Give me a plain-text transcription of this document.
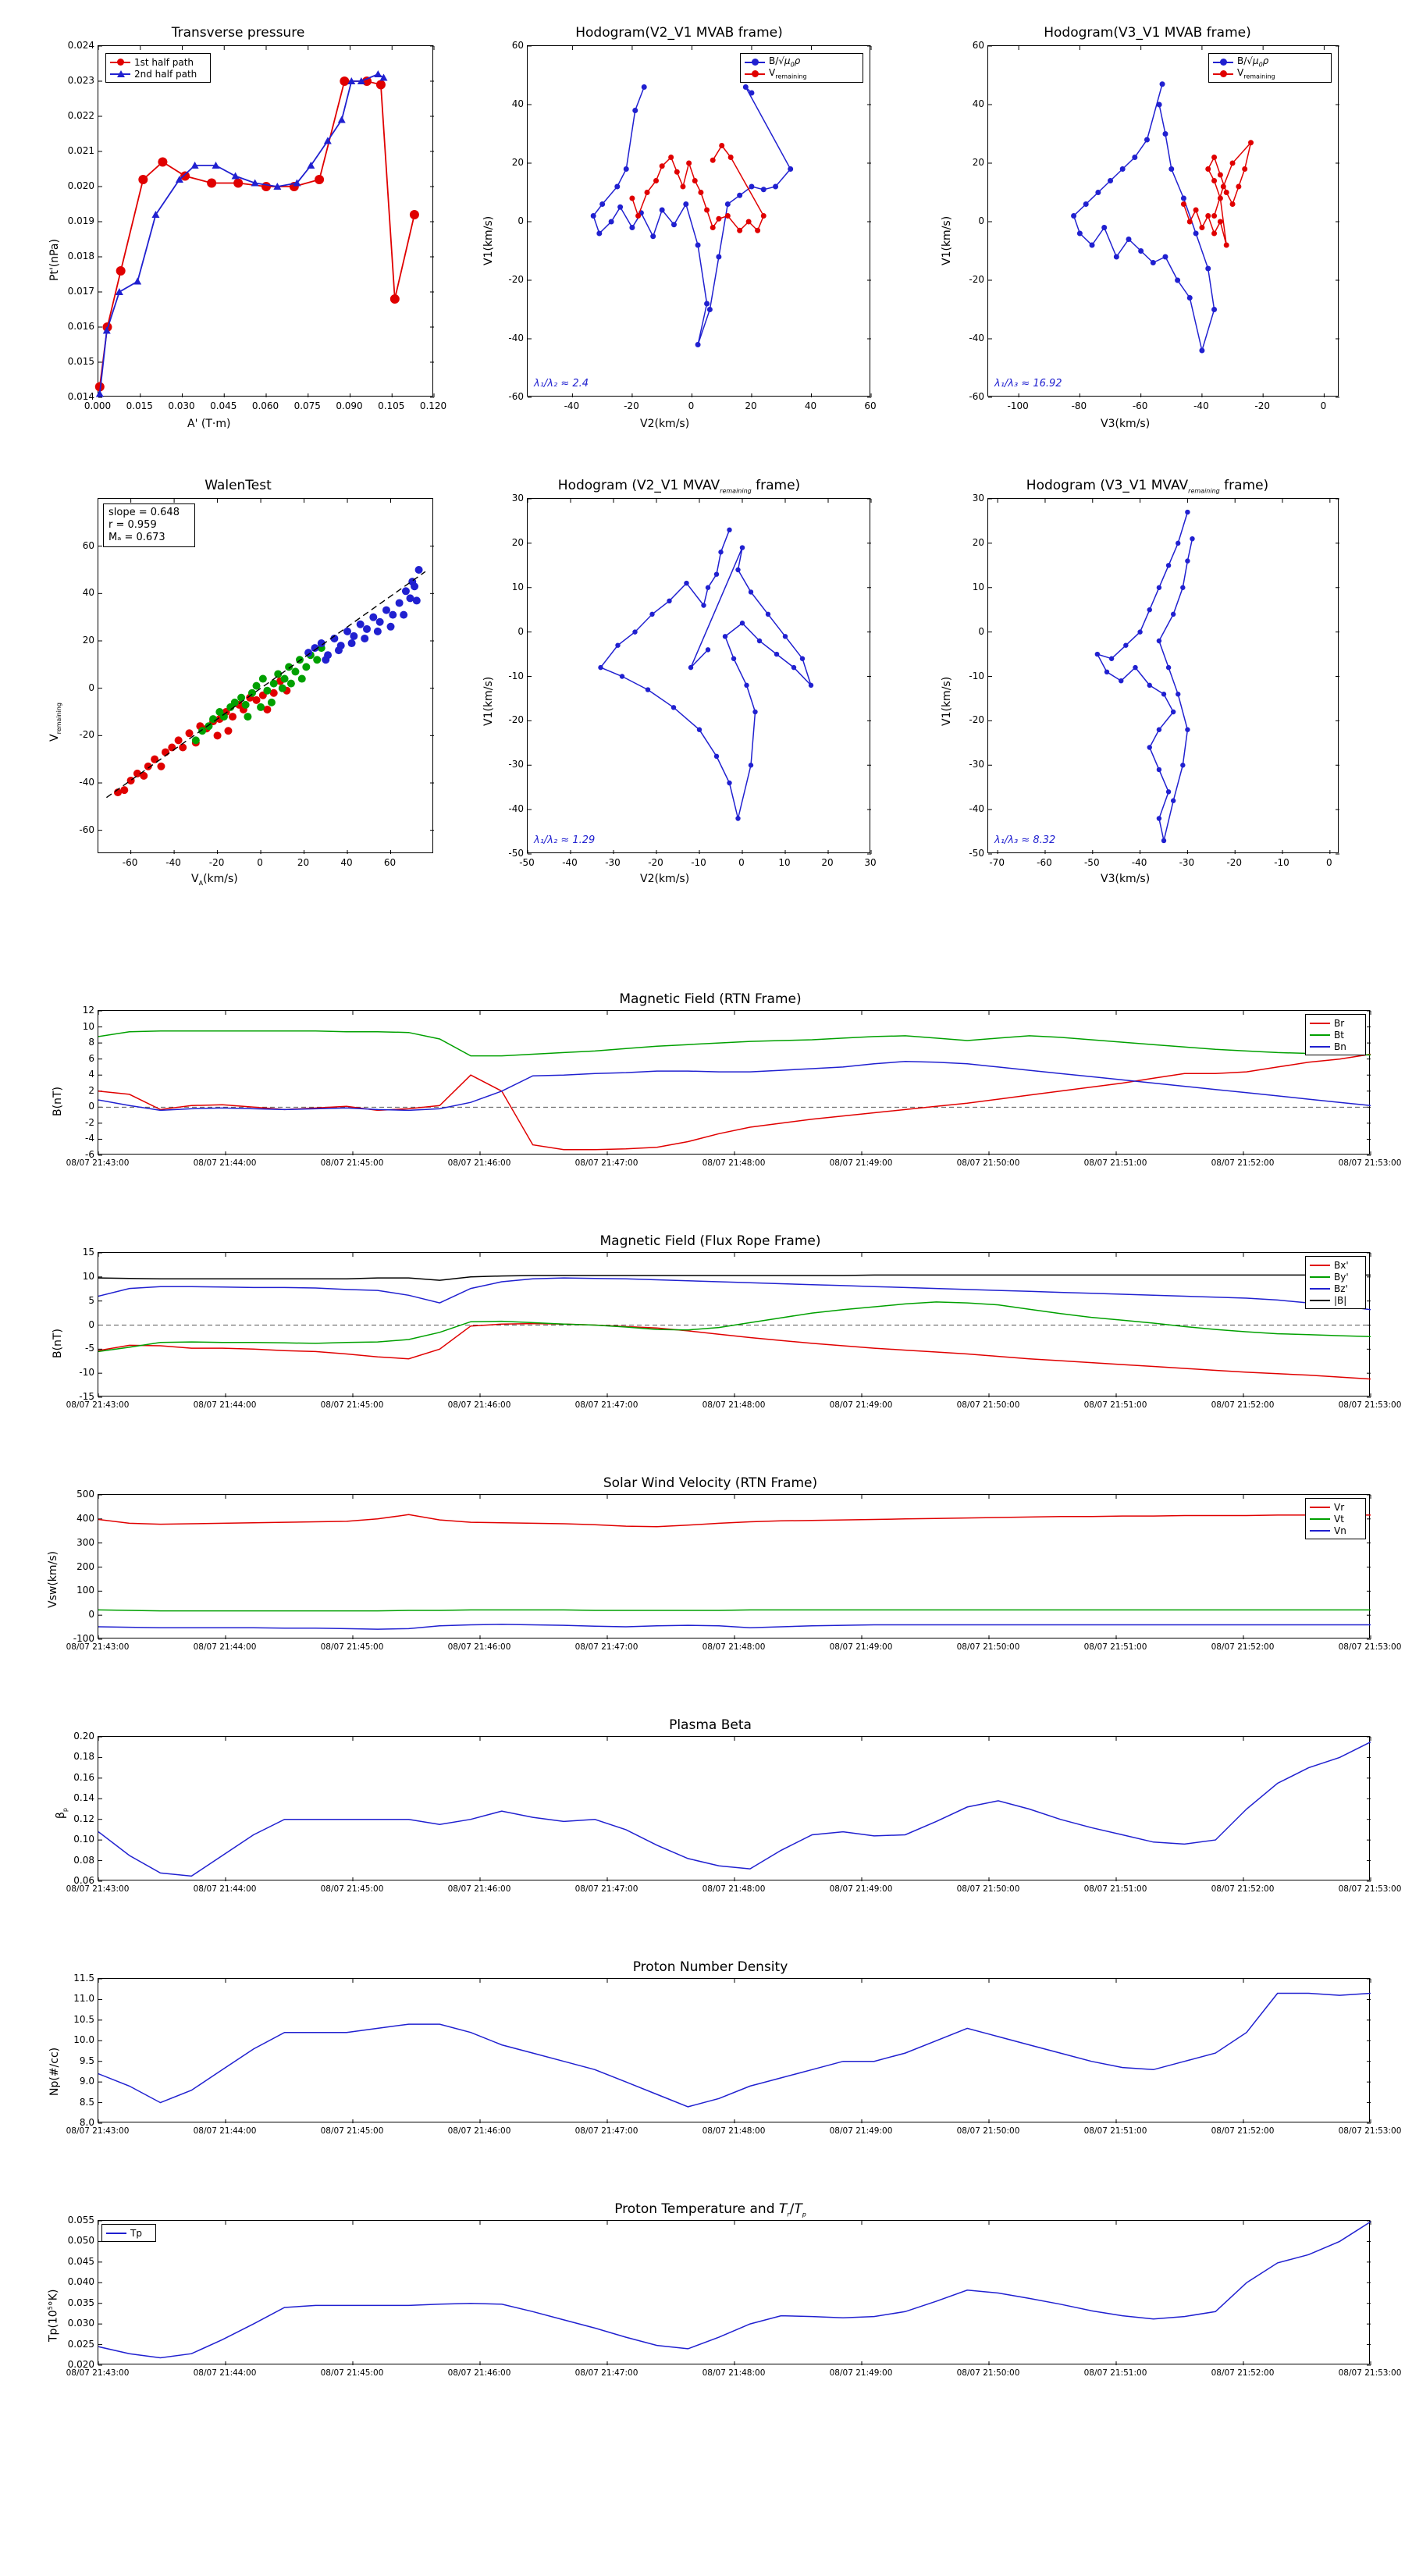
Transverse pressure
Pt'(nPa)
A' (T·m)
1st half path
2nd half path
0.000 0.015 0.030 0.045 0.060 0.075 0.090 0.105 0.120
0.014
0.015
0.016
0.017
0.018
0.019
0.020
0.021
0.022
0.023
0.024
Hodogram(V2_V1 MVAB frame)
λ₁/λ₂ ≈ 2.4
V1(km/s)
V2(km/s)
$B/√\mu_0\rho$
$V_{remaining}$
-40	-20	0	20	40	60
-60
-40
-20
0
20
40
60
Hodogram(V3_V1 MVAB frame)
λ₁/λ₃ ≈ 16.92
V1(km/s)
V3(km/s)
$B/√\mu_0\rho$
$V_{remaining}$
-100	-80	-60	-40	-20	0
-60
-40
-20
0
20
40
60
WalenTest
slope = 0.648
r = 0.959
Mₐ = 0.673
$V_{remaining}$
$V_A(km/s)$
-60	-40	-20	0	20	40	60
-60
-40
-20
0
20
40
60
Hodogram (V2_V1 $MVAV_{remaining}$ frame)
λ₁/λ₂ ≈ 1.29
V1(km/s)
V2(km/s)
-50	-40	-30	-20	-10	0	10	20	30
-50
-40
-30
-20
-10
0
10
20
30
Hodogram (V3_V1 $MVAV_{remaining}$ frame)
λ₁/λ₃ ≈ 8.32
V1(km/s)
V3(km/s)
-70	-60	-50	-40	-30	-20	-10	0
-50
-40
-30
-20
-10
0
10
20
30
Magnetic Field (RTN Frame)
Br
Bt
Bn
B(nT)
08/07 21:43:00	08/07 21:44:00	08/07 21:45:00	08/07 21:46:00	08/07 21:47:00	08/07 21:48:00	08/07 21:49:00	08/07 21:50:00	08/07 21:51:00	08/07 21:52:00	08/07 21:53:00
-6
-4
-2
0
2
4
6
8
10
12
Magnetic Field (Flux Rope Frame)
Bx'
By'
Bz'
|B|
B(nT)
08/07 21:43:00	08/07 21:44:00	08/07 21:45:00	08/07 21:46:00	08/07 21:47:00	08/07 21:48:00	08/07 21:49:00	08/07 21:50:00	08/07 21:51:00	08/07 21:52:00	08/07 21:53:00
-15
-10
-5
0
5
10
15
Solar Wind Velocity (RTN Frame)
Vr
Vt
Vn
Vsw(km/s)
08/07 21:43:00	08/07 21:44:00	08/07 21:45:00	08/07 21:46:00	08/07 21:47:00	08/07 21:48:00	08/07 21:49:00	08/07 21:50:00	08/07 21:51:00	08/07 21:52:00	08/07 21:53:00
-100
0
100
200
300
400
500
Plasma Beta
$\beta_p$
08/07 21:43:00	08/07 21:44:00	08/07 21:45:00	08/07 21:46:00	08/07 21:47:00	08/07 21:48:00	08/07 21:49:00	08/07 21:50:00	08/07 21:51:00	08/07 21:52:00	08/07 21:53:00
0.06
0.08
0.10
0.12
0.14
0.16
0.18
0.20
Proton Number Density
Np(#/cc)
08/07 21:43:00	08/07 21:44:00	08/07 21:45:00	08/07 21:46:00	08/07 21:47:00	08/07 21:48:00	08/07 21:49:00	08/07 21:50:00	08/07 21:51:00	08/07 21:52:00	08/07 21:53:00
8.0
8.5
9.0
9.5
10.0
10.5
11.0
11.5
Proton Temperature and $T_r/T_p$
Tp
$Tp(10^5^\circ K)$
08/07 21:43:00	08/07 21:44:00	08/07 21:45:00	08/07 21:46:00	08/07 21:47:00	08/07 21:48:00	08/07 21:49:00	08/07 21:50:00	08/07 21:51:00	08/07 21:52:00	08/07 21:53:00
0.020
0.025
0.030
0.035
0.040
0.045
0.050
0.055
